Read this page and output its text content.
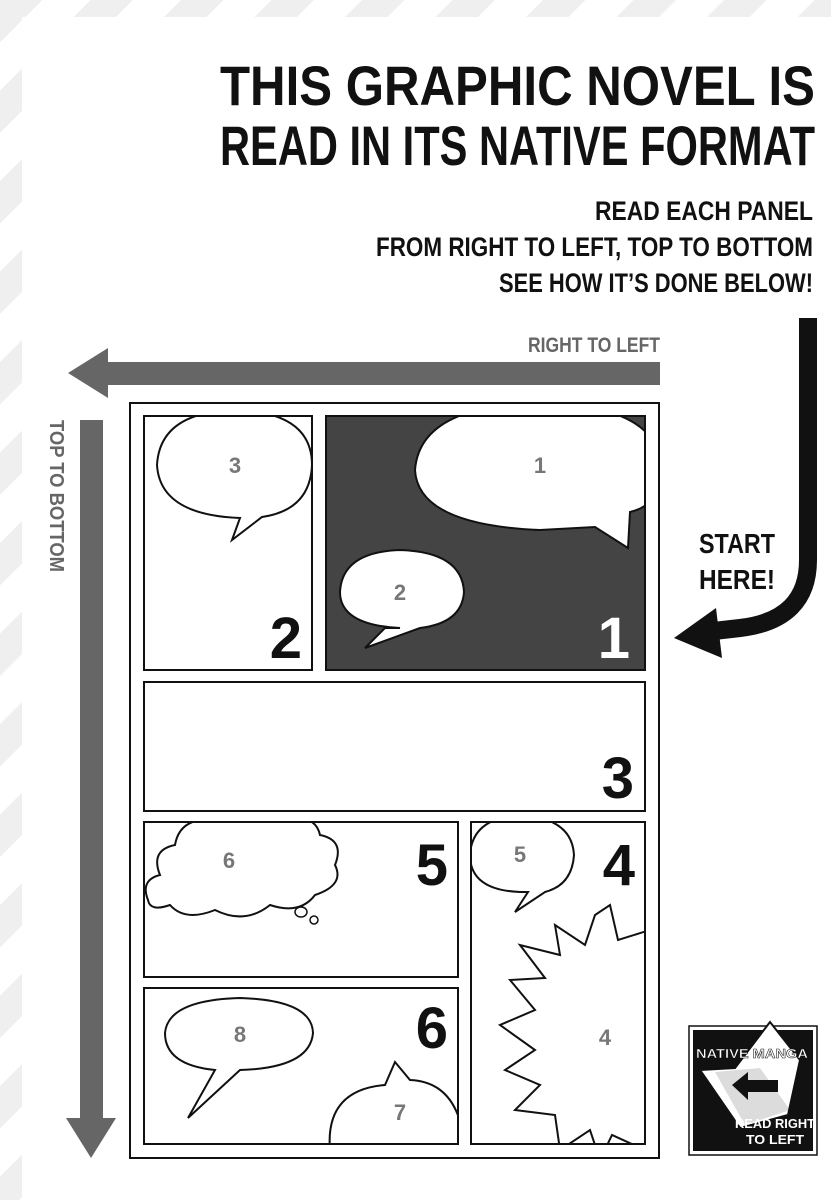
THIS GRAPHIC NOVEL IS
READ IN ITS NATIVE FORMAT
READ EACH PANEL
FROM RIGHT TO LEFT, TOP TO BOTTOM
SEE HOW IT’S DONE BELOW!
RIGHT TO LEFT
TOP TO BOTTOM	START
HERE!
3
2
1
2
1
3
6	5	5
4
4
8
7
6	NATIVE MANGA
READ RIGHT
TO LEFT
